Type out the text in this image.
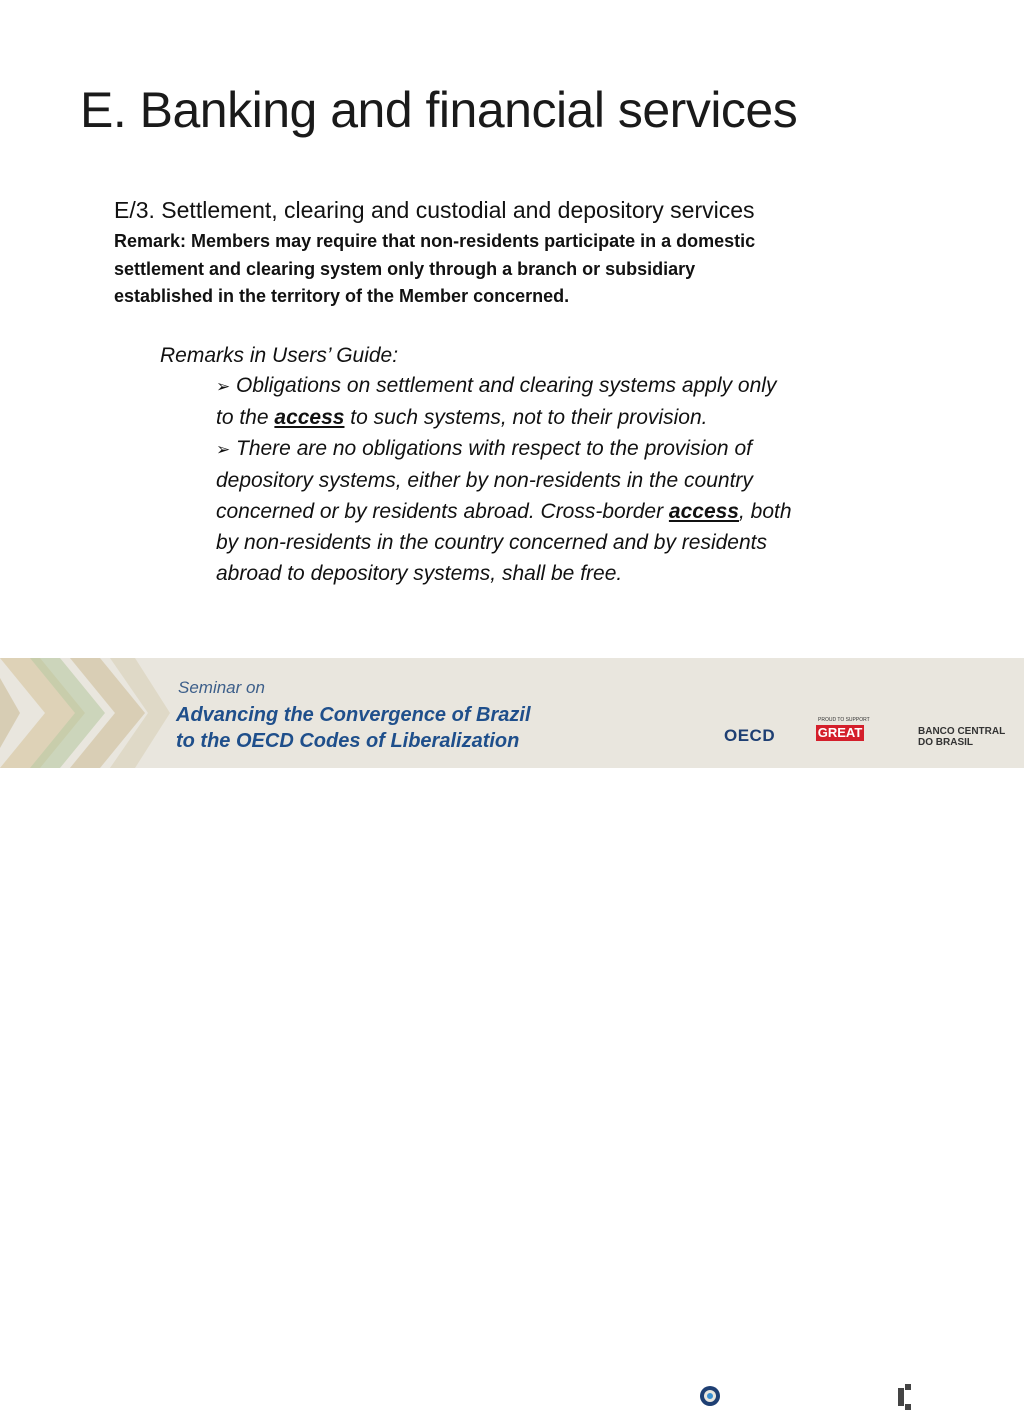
E. Banking and financial services
E/3. Settlement, clearing and custodial and depository services
Remark: Members may require that non-residents participate in a domestic
settlement and clearing system only through a branch or subsidiary
established in the territory of the Member concerned.
Remarks in Users’ Guide:
➢ Obligations on settlement and clearing systems apply only
to the access to such systems, not to their provision.
➢ There are no obligations with respect to the provision of
depository systems, either by non-residents in the country
concerned or by residents abroad. Cross-border access, both
by non-residents in the country concerned and by residents
abroad to depository systems, shall be free.
Seminar on
Advancing the Convergence of Brazil
to the OECD Codes of Liberalization	OECD
PROUD TO SUPPORT
GREAT	BANCO CENTRAL
DO BRASIL
